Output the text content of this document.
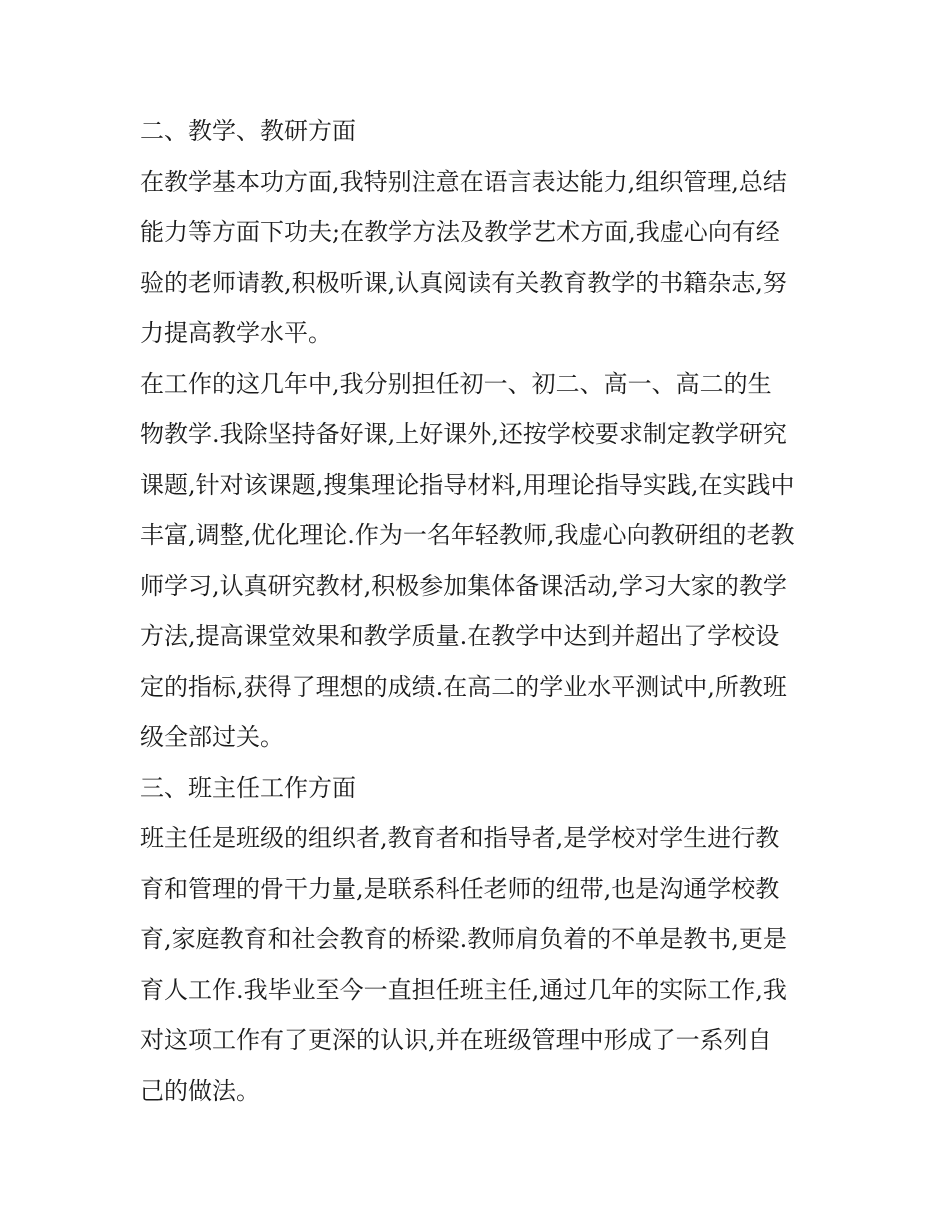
二、教学、教研方面
在教学基本功方面,我特别注意在语言表达能力,组织管理,总结
能力等方面下功夫;在教学方法及教学艺术方面,我虚心向有经
验的老师请教,积极听课,认真阅读有关教育教学的书籍杂志,努
力提高教学水平。
在工作的这几年中,我分别担任初一、初二、高一、高二的生
物教学.我除坚持备好课,上好课外,还按学校要求制定教学研究
课题,针对该课题,搜集理论指导材料,用理论指导实践,在实践中
丰富,调整,优化理论.作为一名年轻教师,我虚心向教研组的老教
师学习,认真研究教材,积极参加集体备课活动,学习大家的教学
方法,提高课堂效果和教学质量.在教学中达到并超出了学校设
定的指标,获得了理想的成绩.在高二的学业水平测试中,所教班
级全部过关。
三、班主任工作方面
班主任是班级的组织者,教育者和指导者,是学校对学生进行教
育和管理的骨干力量,是联系科任老师的纽带,也是沟通学校教
育,家庭教育和社会教育的桥梁.教师肩负着的不单是教书,更是
育人工作.我毕业至今一直担任班主任,通过几年的实际工作,我
对这项工作有了更深的认识,并在班级管理中形成了一系列自
己的做法。
